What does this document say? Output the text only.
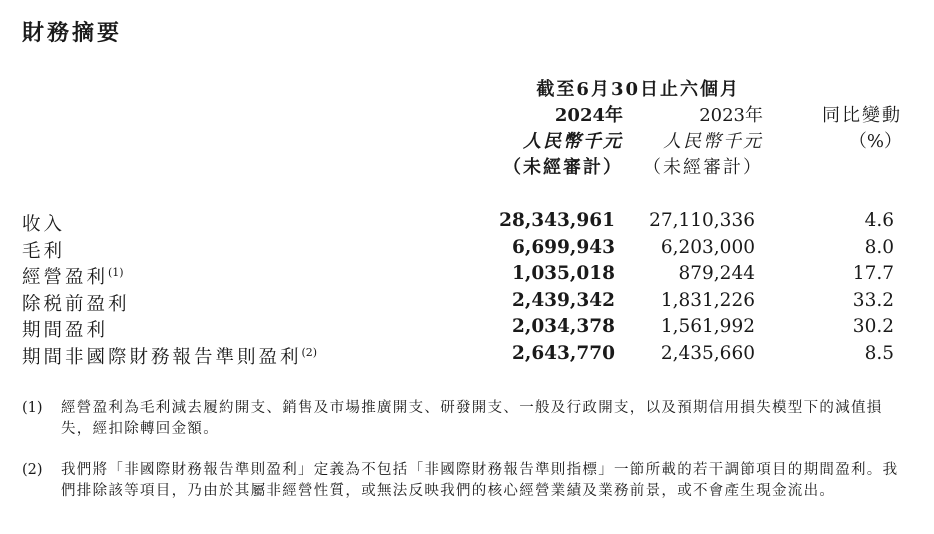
財務摘要
截至6月30日止六個月
2024年
人民幣千元
（未經審計）
2023年
人民幣千元
（未經審計）
同比變動
（%）
收入	28,343,961 27,110,336	4.6
毛利	6,699,943 6,203,000	8.0
經營盈利$^{(1)}$	1,035,018	879,244	17.7
除税前盈利	2,439,342 1,831,226	33.2
期間盈利	2,034,378 1,561,992	30.2
期間非國際財務報告準則盈利$^{(2)}$	2,643,770 2,435,660	8.5
(1) 經營盈利為毛利減去履約開支、銷售及市場推廣開支、研發開支、一般及行政開支，以及預期信用損失模型下的減值損失，經扣除轉回金額。
(2) 我們將「非國際財務報告準則盈利」定義為不包括「非國際財務報告準則指標」一節所載的若干調節項目的期間盈利。我們排除該等項目，乃由於其屬非經營性質，或無法反映我們的核心經營業績及業務前景，或不會產生現金流出。
